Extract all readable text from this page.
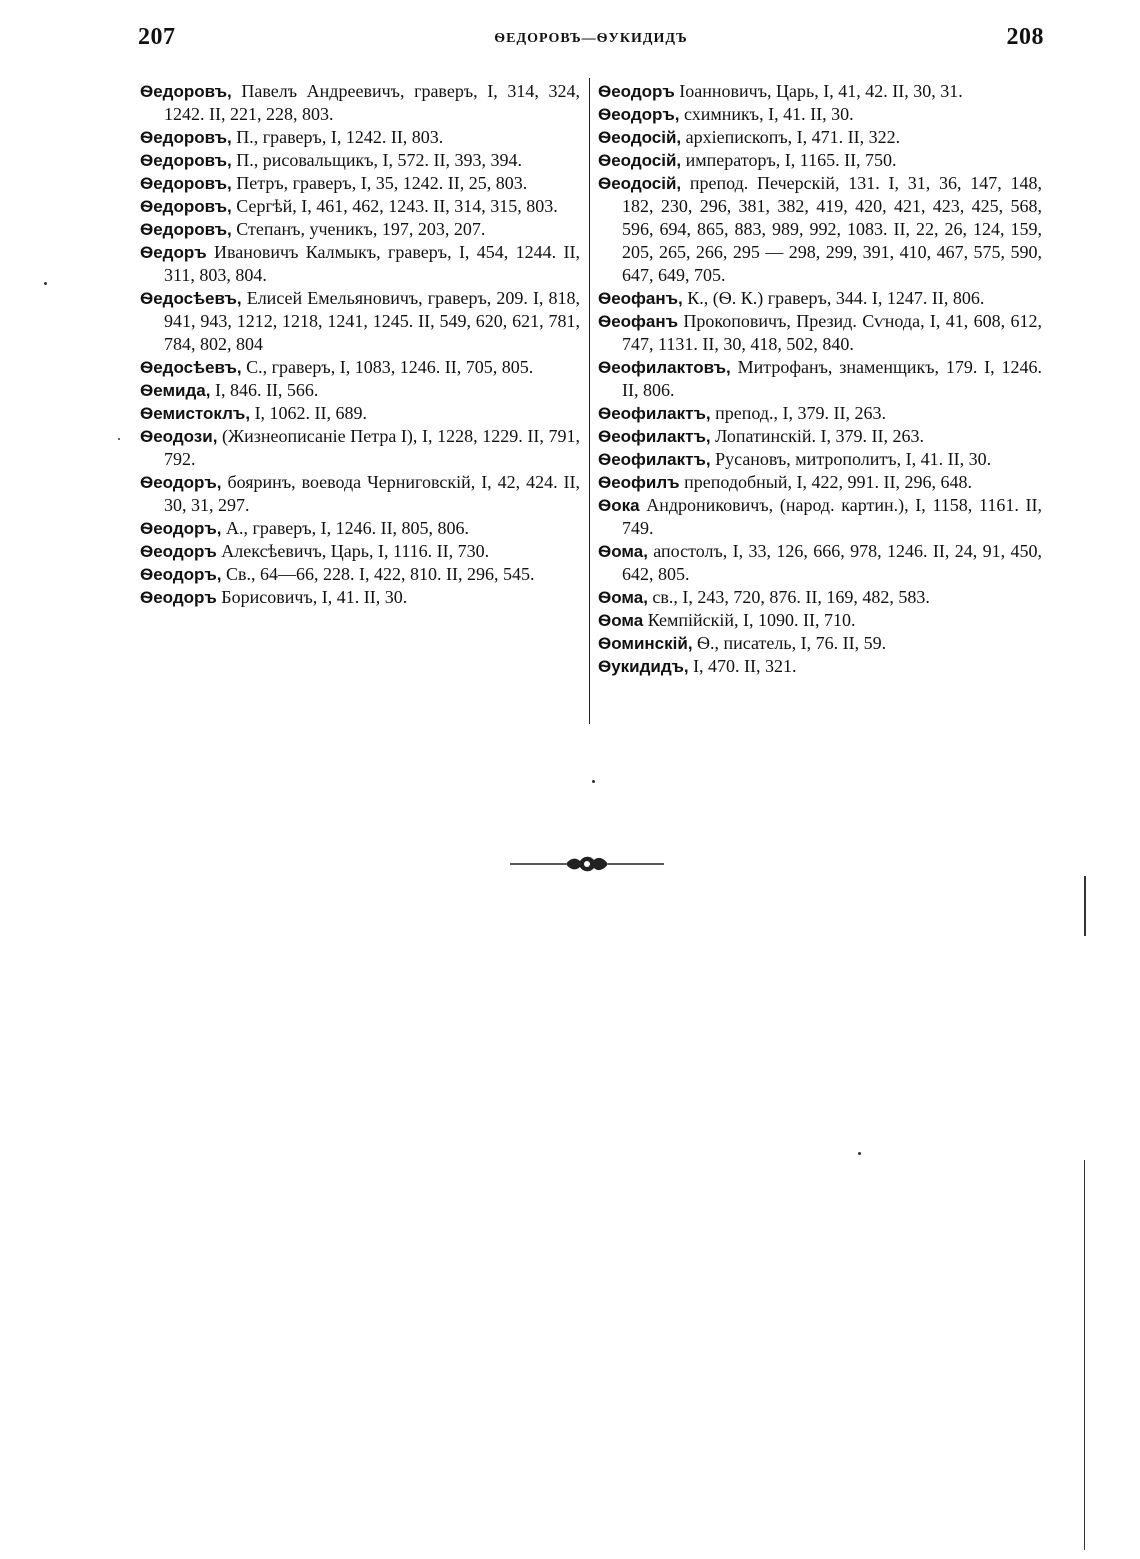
207	ѲЕДОРОВЪ—ѲУКИДИДЪ	208

Ѳедоровъ, Павелъ Андреевичъ, граверъ, I, 314, 324, 1242. II, 221, 228, 803.

Ѳедоровъ, П., граверъ, I, 1242. II, 803.

Ѳедоровъ, П., рисовальщикъ, I, 572. II, 393, 394.

Ѳедоровъ, Петръ, граверъ, I, 35, 1242. II, 25, 803.

Ѳедоровъ, Сергѣй, I, 461, 462, 1243. II, 314, 315, 803.

Ѳедоровъ, Степанъ, ученикъ, 197, 203, 207.

Ѳедоръ Ивановичъ Калмыкъ, граверъ, I, 454, 1244. II, 311, 803, 804.

Ѳедосѣевъ, Елисей Емельяновичъ, граверъ, 209. I, 818, 941, 943, 1212, 1218, 1241, 1245. II, 549, 620, 621, 781, 784, 802, 804

Ѳедосѣевъ, С., граверъ, I, 1083, 1246. II, 705, 805.

Ѳемида, I, 846. II, 566.

Ѳемистоклъ, I, 1062. II, 689.

Ѳеодози, (Жизнеописаніе Петра I), I, 1228, 1229. II, 791, 792.

Ѳеодоръ, бояринъ, воевода Черниговскій, I, 42, 424. II, 30, 31, 297.

Ѳеодоръ, А., граверъ, I, 1246. II, 805, 806.

Ѳеодоръ Алексѣевичъ, Царь, I, 1116. II, 730.

Ѳеодоръ, Св., 64—66, 228. I, 422, 810. II, 296, 545.

Ѳеодоръ Борисовичъ, I, 41. II, 30.

Ѳеодоръ Іоанновичъ, Царь, I, 41, 42. II, 30, 31.

Ѳеодоръ, схимникъ, I, 41. II, 30.

Ѳеодосій, архіепископъ, I, 471. II, 322.

Ѳеодосій, императоръ, I, 1165. II, 750.

Ѳеодосій, препод. Печерскій, 131. I, 31, 36, 147, 148, 182, 230, 296, 381, 382, 419, 420, 421, 423, 425, 568, 596, 694, 865, 883, 989, 992, 1083. II, 22, 26, 124, 159, 205, 265, 266, 295 — 298, 299, 391, 410, 467, 575, 590, 647, 649, 705.

Ѳеофанъ, К., (Ѳ. К.) граверъ, 344. I, 1247. II, 806.

Ѳеофанъ Прокоповичъ, Презид. Сѵнода, I, 41, 608, 612, 747, 1131. II, 30, 418, 502, 840.

Ѳеофилактовъ, Митрофанъ, знаменщикъ, 179. I, 1246. II, 806.

Ѳеофилактъ, препод., I, 379. II, 263.

Ѳеофилактъ, Лопатинскій. I, 379. II, 263.

Ѳеофилактъ, Русановъ, митрополитъ, I, 41. II, 30.

Ѳеофилъ преподобный, I, 422, 991. II, 296, 648.

Ѳока Андрониковичъ, (народ. картин.), I, 1158, 1161. II, 749.

Ѳома, апостолъ, I, 33, 126, 666, 978, 1246. II, 24, 91, 450, 642, 805.

Ѳома, св., I, 243, 720, 876. II, 169, 482, 583.

Ѳома Кемпійскій, I, 1090. II, 710.

Ѳоминскій, Ѳ., писатель, I, 76. II, 59.

Ѳукидидъ, I, 470. II, 321.
